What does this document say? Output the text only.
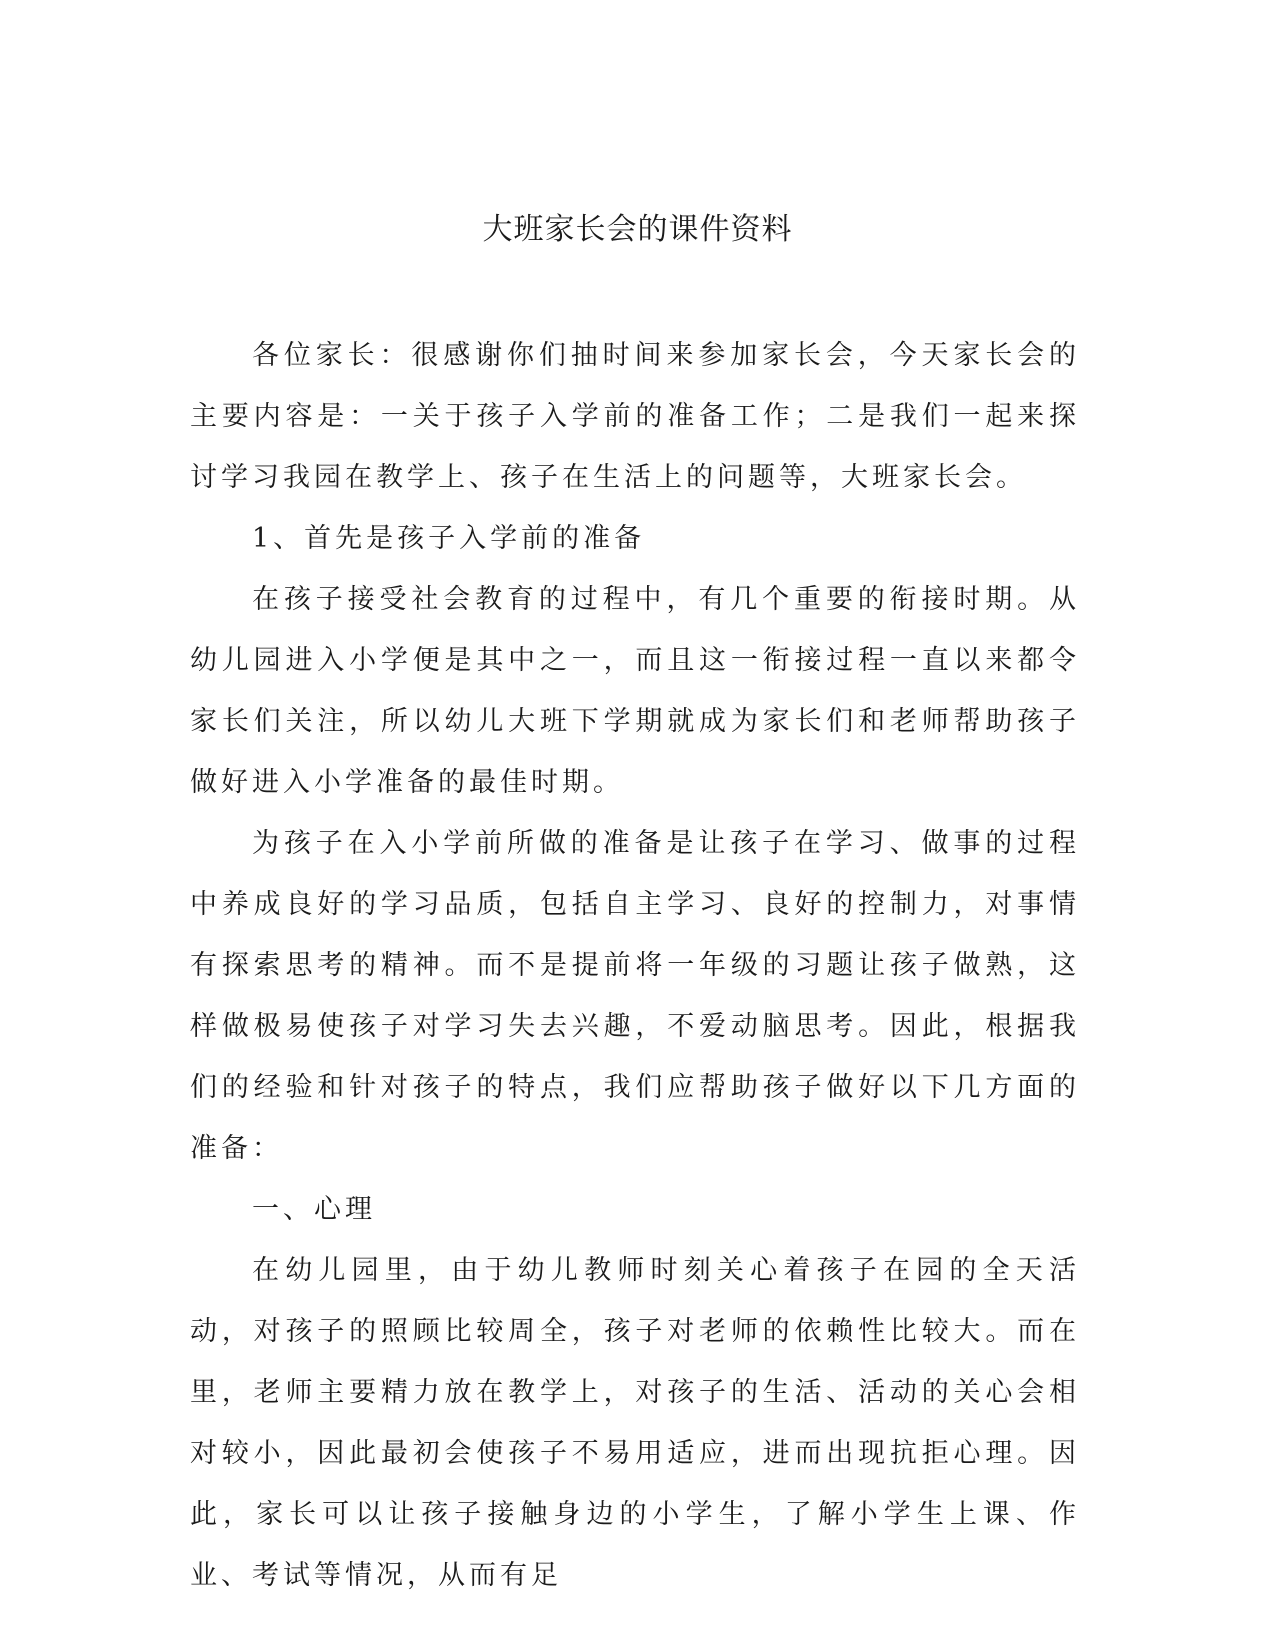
大班家长会的课件资料

各位家长：很感谢你们抽时间来参加家长会，今天家长会的主要内容是：一关于孩子入学前的准备工作；二是我们一起来探讨学习我园在教学上、孩子在生活上的问题等，大班家长会。

1、首先是孩子入学前的准备

在孩子接受社会教育的过程中，有几个重要的衔接时期。从幼儿园进入小学便是其中之一，而且这一衔接过程一直以来都令家长们关注，所以幼儿大班下学期就成为家长们和老师帮助孩子做好进入小学准备的最佳时期。

为孩子在入小学前所做的准备是让孩子在学习、做事的过程中养成良好的学习品质，包括自主学习、良好的控制力，对事情有探索思考的精神。而不是提前将一年级的习题让孩子做熟，这样做极易使孩子对学习失去兴趣，不爱动脑思考。因此，根据我们的经验和针对孩子的特点，我们应帮助孩子做好以下几方面的准备：

一、心理

在幼儿园里，由于幼儿教师时刻关心着孩子在园的全天活动，对孩子的照顾比较周全，孩子对老师的依赖性比较大。而在里，老师主要精力放在教学上，对孩子的生活、活动的关心会相对较小，因此最初会使孩子不易用适应，进而出现抗拒心理。因此，家长可以让孩子接触身边的小学生，了解小学生上课、作业、考试等情况，从而有足
